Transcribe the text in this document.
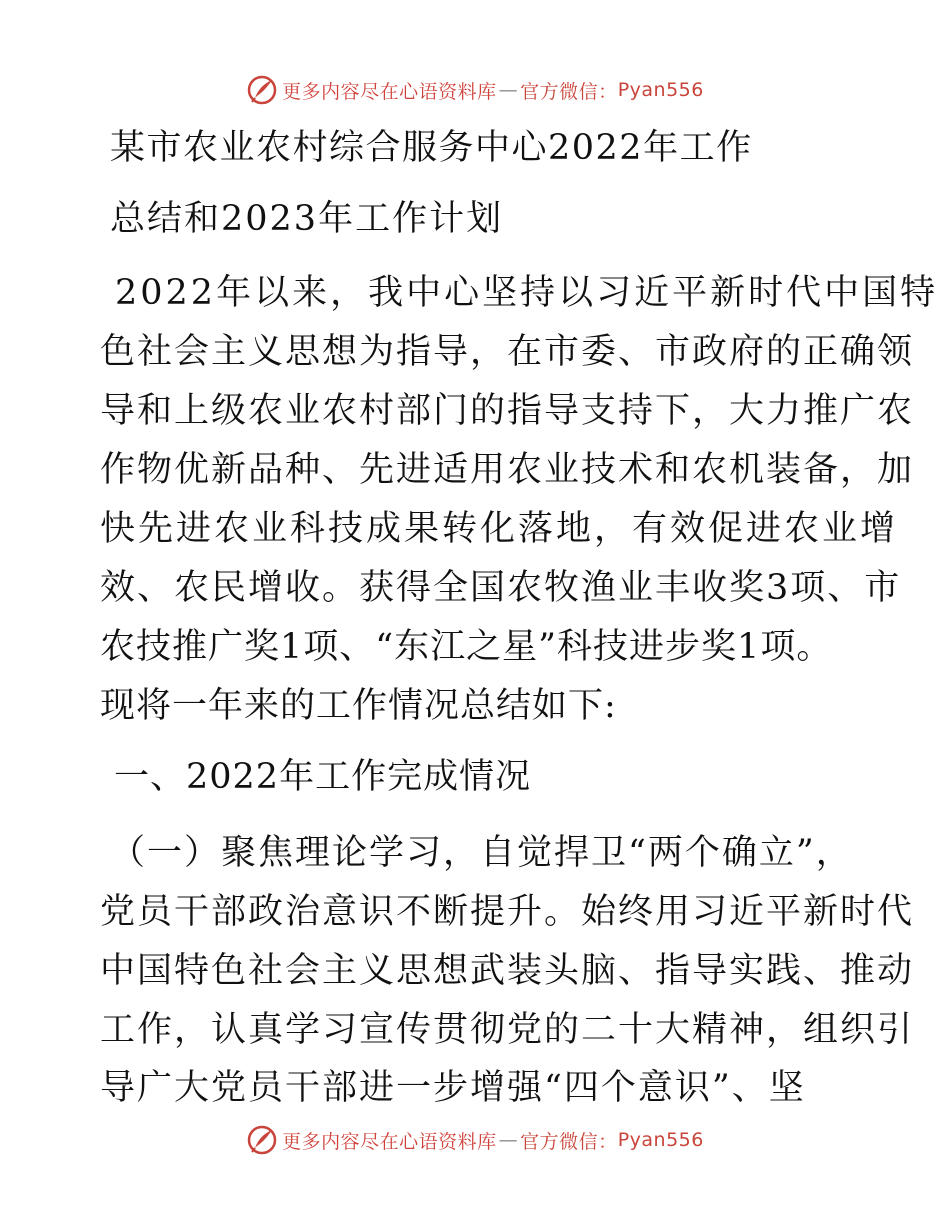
更多内容尽在心语资料库 — 官方微信： Pyan556
某市农业农村综合服务中心2022年工作
总结和2023年工作计划
2022年以来，我中心坚持以习近平新时代中国特
色社会主义思想为指导，在市委、市政府的正确领
导和上级农业农村部门的指导支持下，大力推广农
作物优新品种、先进适用农业技术和农机装备，加
快先进农业科技成果转化落地，有效促进农业增
效、农民增收。获得全国农牧渔业丰收奖3项、市
农技推广奖1项、“东江之星”科技进步奖1项。
现将一年来的工作情况总结如下:
一、2022年工作完成情况
（一）聚焦理论学习，自觉捍卫“两个确立”，
党员干部政治意识不断提升。始终用习近平新时代
中国特色社会主义思想武装头脑、指导实践、推动
工作，认真学习宣传贯彻党的二十大精神，组织引
导广大党员干部进一步增强“四个意识”、坚
更多内容尽在心语资料库 — 官方微信： Pyan556
